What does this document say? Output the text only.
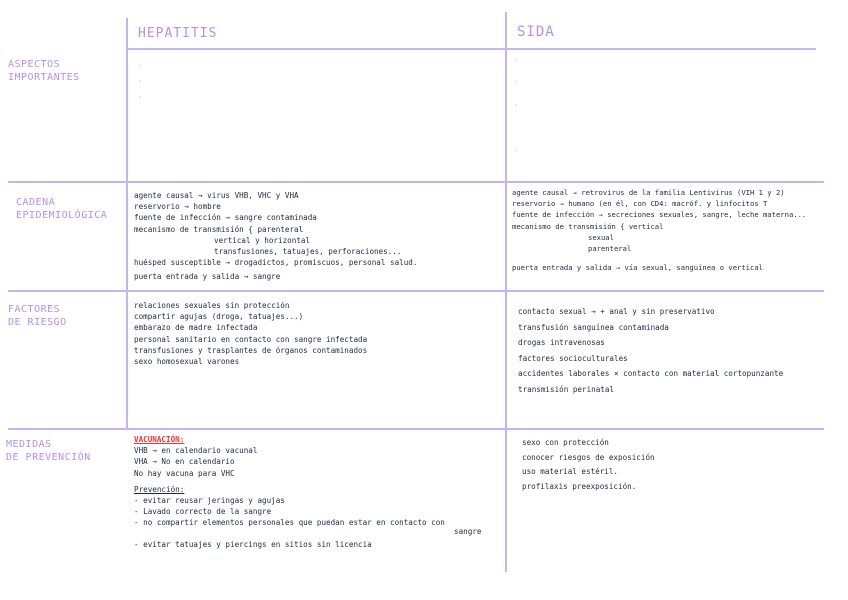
HEPATITIS	SIDA
ASPECTOS
IMPORTANTES
CADENA
EPIDEMIOLÓGICA
FACTORES
DE RIESGO
MEDIDAS
DE PREVENCIÓN
·
·
·
·
·
·
·
agente causal → virus VHB, VHC y VHA
reservorio → hombre
fuente de infección → sangre contaminada
mecanismo de transmisión { parenteral
vertical y horizontal
transfusiones, tatuajes, perforaciones...
huésped susceptible → drogadictos, promiscuos, personal salud.
puerta entrada y salida → sangre
agente causal → retrovirus de la familia Lentivirus (VIH 1 y 2)
reservorio → humano (en él, con CD4: macróf. y linfocitos T
fuente de infección → secreciones sexuales, sangre, leche materna...
mecanismo de transmisión { vertical
sexual
parenteral
puerta entrada y salida → vía sexual, sanguínea o vertical
relaciones sexuales sin protección
compartir agujas (droga, tatuajes...)
embarazo de madre infectada
personal sanitario en contacto con sangre infectada
transfusiones y trasplantes de órganos contaminados
sexo homosexual varones
contacto sexual → + anal y sin preservativo
transfusión sanguínea contaminada
drogas intravenosas
factores socioculturales
accidentes laborales × contacto con material cortopunzante
transmisión perinatal
VACUNACIÓN:
VHB → en calendario vacunal
VHA → No en calendario
No hay vacuna para VHC
Prevención:
- evitar reusar jeringas y agujas
- Lavado correcto de la sangre
- no compartir elementos personales que puedan estar en contacto con
sangre
- evitar tatuajes y piercings en sitios sin licencia
sexo con protección
conocer riesgos de exposición
uso material estéril.
profilaxis preexposición.
